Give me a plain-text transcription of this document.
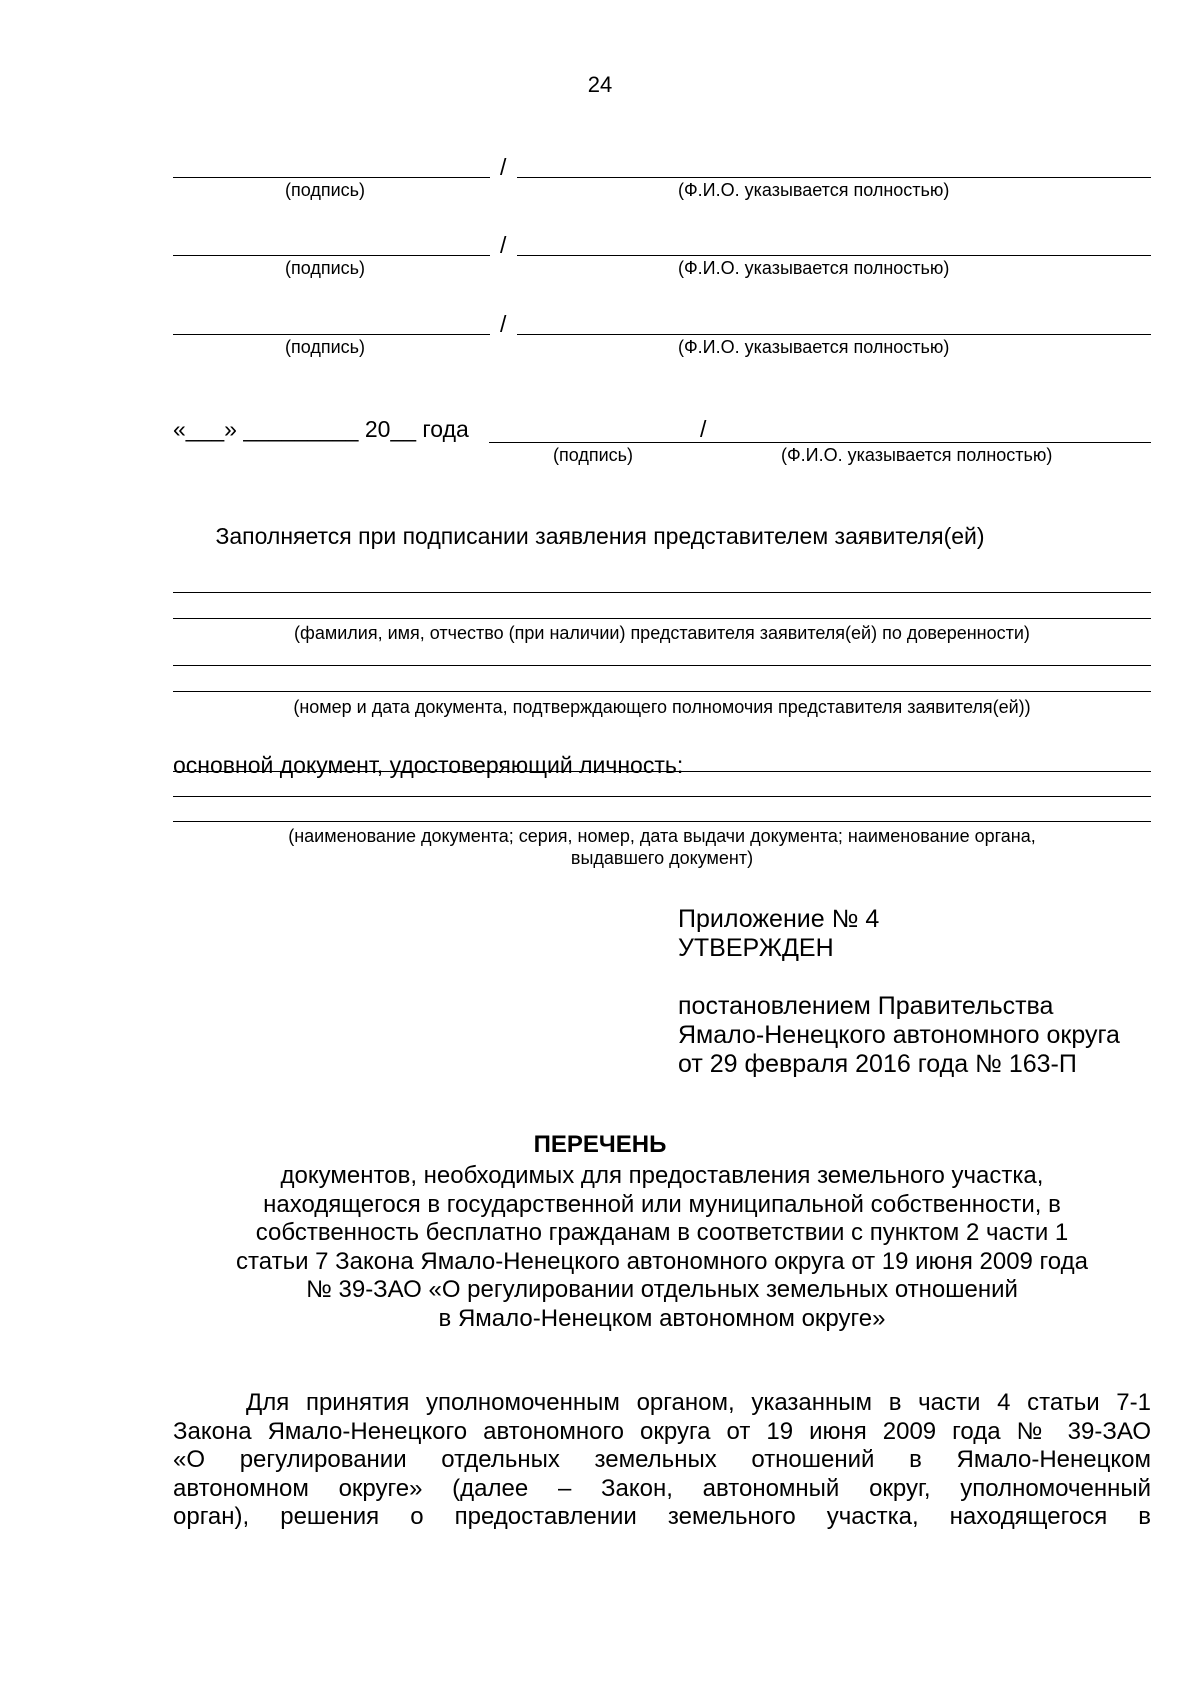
24
/
(подпись)	(Ф.И.О. указывается полностью)
/
(подпись)	(Ф.И.О. указывается полностью)
/
(подпись)	(Ф.И.О. указывается полностью)
«___» _________ 20__ года	/
(подпись)	(Ф.И.О. указывается полностью)
Заполняется при подписании заявления представителем заявителя(ей)
(фамилия, имя, отчество (при наличии) представителя заявителя(ей) по доверенности)
(номер и дата документа, подтверждающего полномочия представителя заявителя(ей))
основной документ, удостоверяющий личность:
(наименование документа; серия, номер, дата выдачи документа; наименование органа,
выдавшего документ)
Приложение № 4
УТВЕРЖДЕН
постановлением Правительства
Ямало-Ненецкого автономного округа
от 29 февраля 2016 года № 163-П
ПЕРЕЧЕНЬ
документов, необходимых для предоставления земельного участка,
находящегося в государственной или муниципальной собственности, в
собственность бесплатно гражданам в соответствии с пунктом 2 части 1
статьи 7 Закона Ямало-Ненецкого автономного округа от 19 июня 2009 года
№ 39-ЗАО «О регулировании отдельных земельных отношений
в Ямало-Ненецком автономном округе»
Для принятия уполномоченным органом, указанным в части 4 статьи 7-1
Закона Ямало-Ненецкого автономного округа от 19 июня 2009 года № 39-ЗАО
«О регулировании отдельных земельных отношений в Ямало-Ненецком
автономном округе» (далее – Закон, автономный округ, уполномоченный
орган), решения о предоставлении земельного участка, находящегося в
